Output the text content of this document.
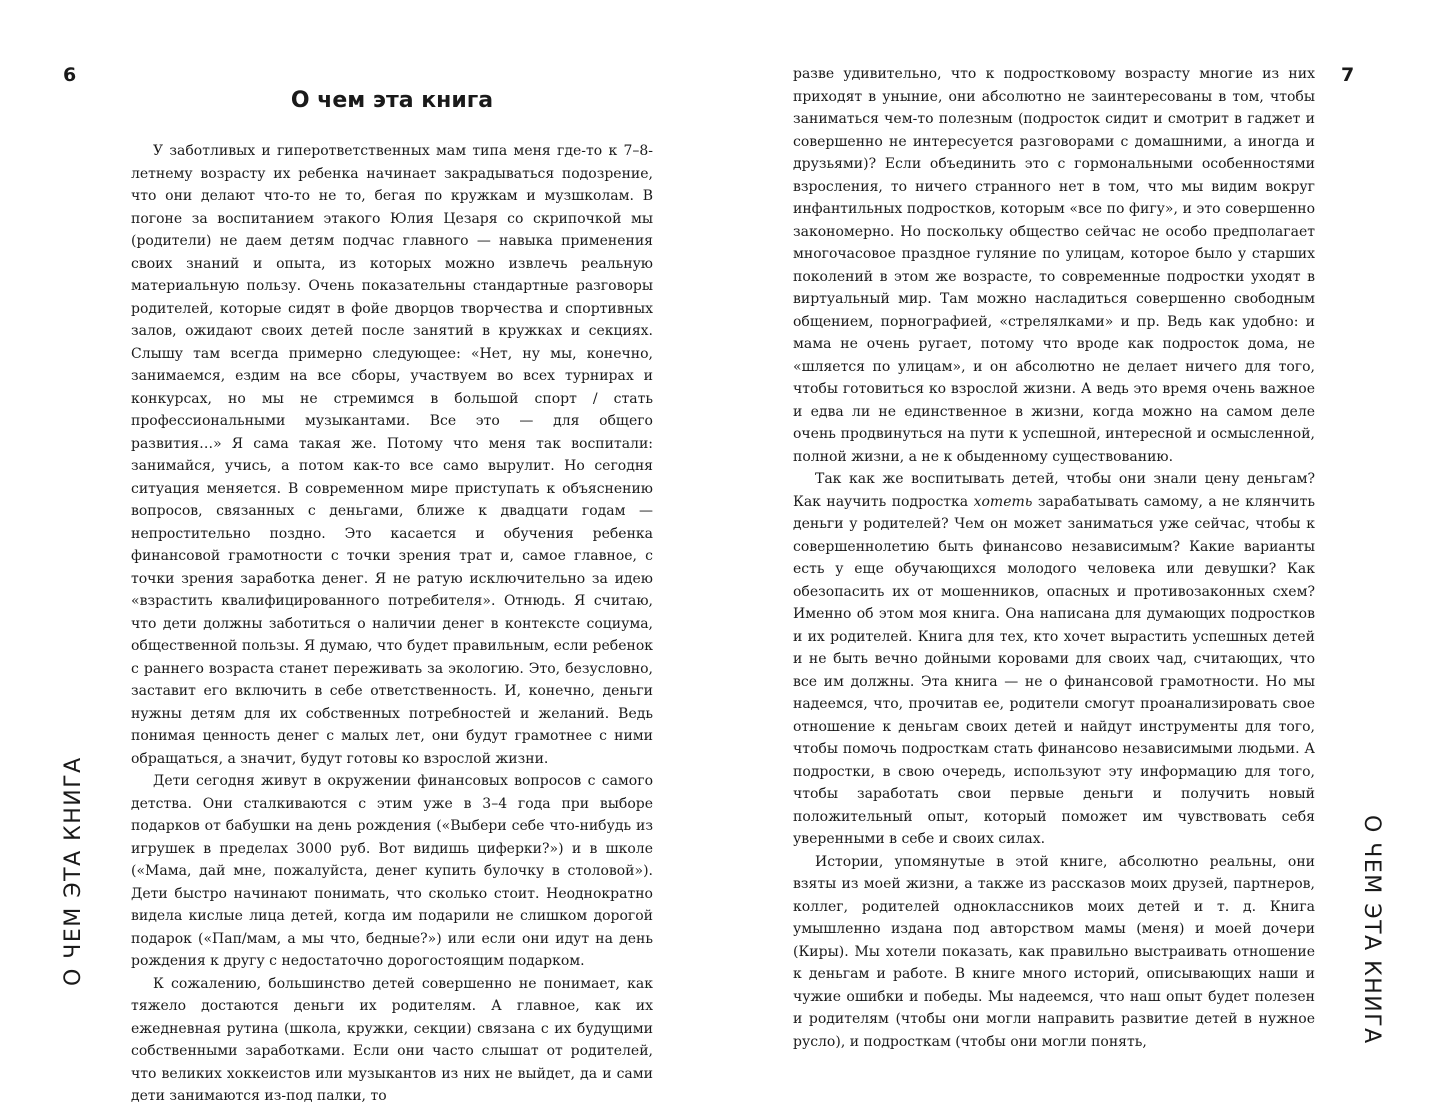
6
О ЧЕМ ЭТА КНИГА
О чем эта книга

У заботливых и гиперответственных мам типа меня где-то к 7–8-летнему возрасту их ребенка начинает закрадываться подозрение, что они делают что-то не то, бегая по кружкам и музшколам. В погоне за воспитанием этакого Юлия Цезаря со скрипочкой мы (родители) не даем детям подчас главного — навыка применения своих знаний и опыта, из которых можно извлечь реальную материальную пользу. Очень показательны стандартные разговоры родителей, которые сидят в фойе дворцов творчества и спортивных залов, ожидают своих детей после занятий в кружках и секциях. Слышу там всегда примерно следующее: «Нет, ну мы, конечно, занимаемся, ездим на все сборы, участвуем во всех турнирах и конкурсах, но мы не стремимся в большой спорт / стать профессиональными музыкантами. Все это — для общего развития…» Я сама такая же. Потому что меня так воспитали: занимайся, учись, а потом как-то все само вырулит. Но сегодня ситуация меняется. В современном мире приступать к объяснению вопросов, связанных с деньгами, ближе к двадцати годам — непростительно поздно. Это касается и обучения ребенка финансовой грамотности с точки зрения трат и, самое главное, с точки зрения заработка денег. Я не ратую исключительно за идею «взрастить квалифицированного потребителя». Отнюдь. Я считаю, что дети должны заботиться о наличии денег в контексте социума, общественной пользы. Я думаю, что будет правильным, если ребенок с раннего возраста станет переживать за экологию. Это, безусловно, заставит его включить в себе ответственность. И, конечно, деньги нужны детям для их собственных потребностей и желаний. Ведь понимая ценность денег с малых лет, они будут грамотнее с ними обращаться, а значит, будут готовы ко взрослой жизни.

Дети сегодня живут в окружении финансовых вопросов с самого детства. Они сталкиваются с этим уже в 3–4 года при выборе подарков от бабушки на день рождения («Выбери себе что-нибудь из игрушек в пределах 3000 руб. Вот видишь циферки?») и в школе («Мама, дай мне, пожалуйста, денег купить булочку в столовой»). Дети быстро начинают понимать, что сколько стоит. Неоднократно видела кислые лица детей, когда им подарили не слишком дорогой подарок («Пап/мам, а мы что, бедные?») или если они идут на день рождения к другу с недостаточно дорогостоящим подарком.

К сожалению, большинство детей совершенно не понимает, как тяжело достаются деньги их родителям. А главное, как их ежедневная рутина (школа, кружки, секции) связана с их будущими собственными заработками. Если они часто слышат от родителей, что великих хоккеистов или музыкантов из них не выйдет, да и сами дети занимаются из-под палки, то

7
О ЧЕМ ЭТА КНИГА

разве удивительно, что к подростковому возрасту многие из них приходят в уныние, они абсолютно не заинтересованы в том, чтобы заниматься чем-то полезным (подросток сидит и смотрит в гаджет и совершенно не интересуется разговорами с домашними, а иногда и друзьями)? Если объединить это с гормональными особенностями взросления, то ничего странного нет в том, что мы видим вокруг инфантильных подростков, которым «все по фигу», и это совершенно закономерно. Но поскольку общество сейчас не особо предполагает многочасовое праздное гуляние по улицам, которое было у старших поколений в этом же возрасте, то современные подростки уходят в виртуальный мир. Там можно насладиться совершенно свободным общением, порнографией, «стрелялками» и пр. Ведь как удобно: и мама не очень ругает, потому что вроде как подросток дома, не «шляется по улицам», и он абсолютно не делает ничего для того, чтобы готовиться ко взрослой жизни. А ведь это время очень важное и едва ли не единственное в жизни, когда можно на самом деле очень продвинуться на пути к успешной, интересной и осмысленной, полной жизни, а не к обыденному существованию.

Так как же воспитывать детей, чтобы они знали цену деньгам? Как научить подростка хотеть зарабатывать самому, а не клянчить деньги у родителей? Чем он может заниматься уже сейчас, чтобы к совершеннолетию быть финансово независимым? Какие варианты есть у еще обучающихся молодого человека или девушки? Как обезопасить их от мошенников, опасных и противозаконных схем? Именно об этом моя книга. Она написана для думающих подростков и их родителей. Книга для тех, кто хочет вырастить успешных детей и не быть вечно дойными коровами для своих чад, считающих, что все им должны. Эта книга — не о финансовой грамотности. Но мы надеемся, что, прочитав ее, родители смогут проанализировать свое отношение к деньгам своих детей и найдут инструменты для того, чтобы помочь подросткам стать финансово независимыми людьми. А подростки, в свою очередь, используют эту информацию для того, чтобы заработать свои первые деньги и получить новый положительный опыт, который поможет им чувствовать себя уверенными в себе и своих силах.

Истории, упомянутые в этой книге, абсолютно реальны, они взяты из моей жизни, а также из рассказов моих друзей, партнеров, коллег, родителей одноклассников моих детей и т. д. Книга умышленно издана под авторством мамы (меня) и моей дочери (Киры). Мы хотели показать, как правильно выстраивать отношение к деньгам и работе. В книге много историй, описывающих наши и чужие ошибки и победы. Мы надеемся, что наш опыт будет полезен и родителям (чтобы они могли направить развитие детей в нужное русло), и подросткам (чтобы они могли понять,
